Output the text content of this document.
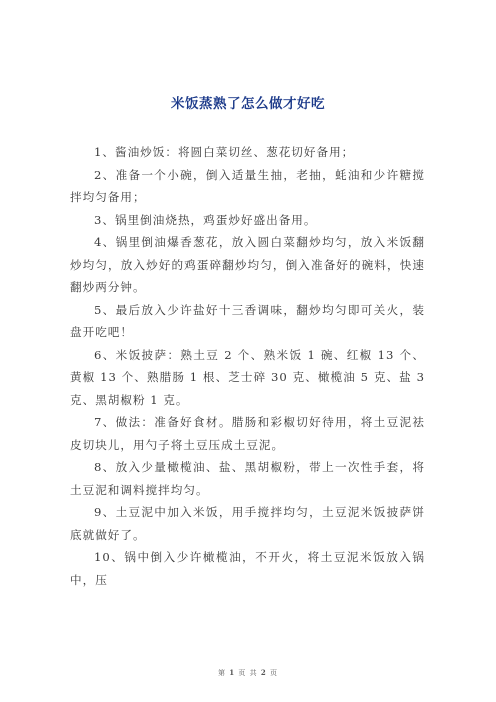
米饭蒸熟了怎么做才好吃

1、酱油炒饭：将圆白菜切丝、葱花切好备用；

2、准备一个小碗，倒入适量生抽，老抽，蚝油和少许糖搅拌均匀备用；

3、锅里倒油烧热，鸡蛋炒好盛出备用。

4、锅里倒油爆香葱花，放入圆白菜翻炒均匀，放入米饭翻炒均匀，放入炒好的鸡蛋碎翻炒均匀，倒入准备好的碗料，快速翻炒两分钟。

5、最后放入少许盐好十三香调味，翻炒均匀即可关火，装盘开吃吧！

6、米饭披萨：熟土豆 2 个、熟米饭 1 碗、红椒 13 个、黄椒 13 个、熟腊肠 1 根、芝士碎 30 克、橄榄油 5 克、盐 3 克、黑胡椒粉 1 克。

7、做法：准备好食材。腊肠和彩椒切好待用，将土豆泥祛皮切块儿，用勺子将土豆压成土豆泥。

8、放入少量橄榄油、盐、黑胡椒粉，带上一次性手套，将土豆泥和调料搅拌均匀。

9、土豆泥中加入米饭，用手搅拌均匀，土豆泥米饭披萨饼底就做好了。

10、锅中倒入少许橄榄油，不开火，将土豆泥米饭放入锅中，压

第 1 页 共 2 页
